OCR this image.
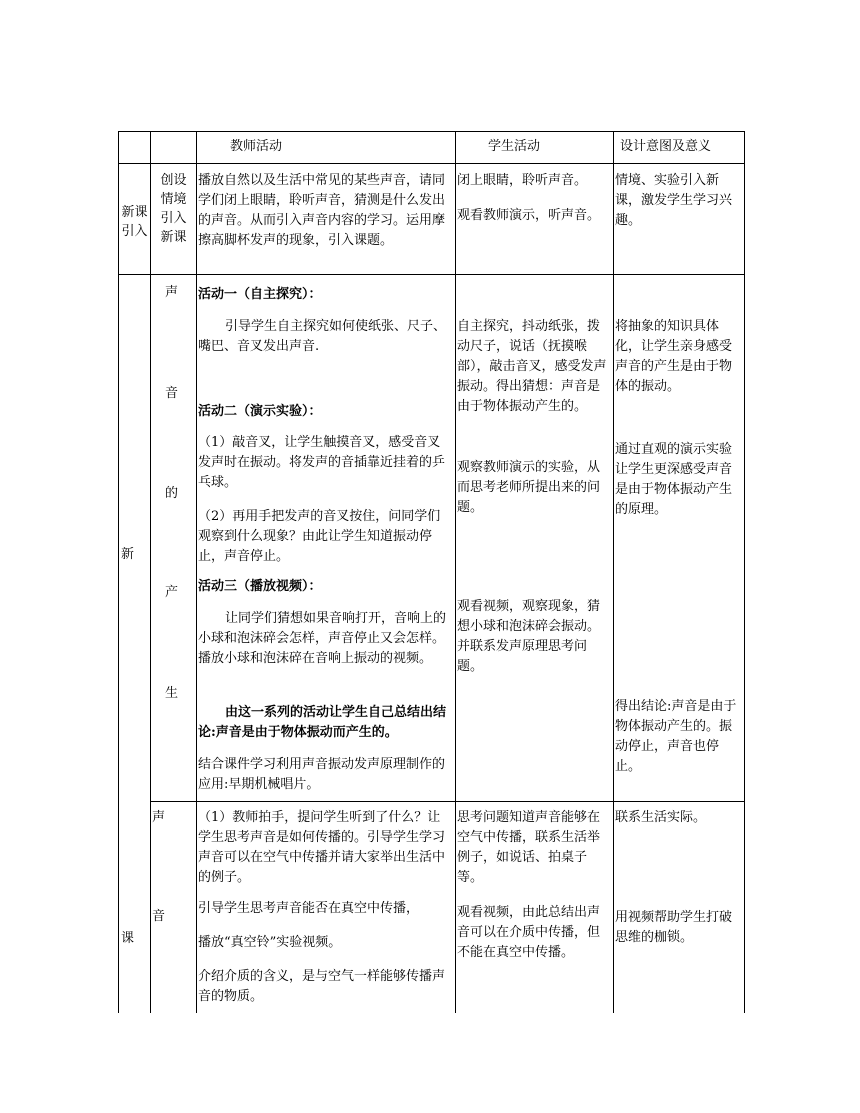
教师活动	学生活动	设计意图及意义
新课
引入
创设
情境
引入
新课
播放自然以及生活中常见的某些声音，请同学们闭上眼睛，聆听声音，猜测是什么发出的声音。从而引入声音内容的学习。运用摩擦高脚杯发声的现象，引入课题。
闭上眼睛，聆听声音。
观看教师演示，听声音。
情境、实验引入新课，激发学生学习兴趣。
新
课
声
音
的
产
生
活动一（自主探究）：
引导学生自主探究如何使纸张、尺子、嘴巴、音叉发出声音.
活动二（演示实验）：
（1）敲音叉，让学生触摸音叉，感受音叉发声时在振动。将发声的音插靠近挂着的乒乓球。
（2）再用手把发声的音叉按住，问同学们观察到什么现象？由此让学生知道振动停止，声音停止。
活动三（播放视频）：
让同学们猜想如果音响打开，音响上的小球和泡沫碎会怎样，声音停止又会怎样。播放小球和泡沫碎在音响上振动的视频。
由这一系列的活动让学生自己总结出结论:声音是由于物体振动而产生的。
结合课件学习利用声音振动发声原理制作的应用:早期机械唱片。
自主探究，抖动纸张，拨动尺子，说话（抚摸喉部），敲击音叉，感受发声振动。得出猜想：声音是由于物体振动产生的。
观察教师演示的实验，从而思考老师所提出来的问题。
观看视频，观察现象，猜想小球和泡沫碎会振动。并联系发声原理思考问题。
将抽象的知识具体化，让学生亲身感受声音的产生是由于物体的振动。
通过直观的演示实验让学生更深感受声音是由于物体振动产生的原理。
得出结论:声音是由于物体振动产生的。振动停止，声音也停止。
声
音
（1）教师拍手，提问学生听到了什么？让学生思考声音是如何传播的。引导学生学习声音可以在空气中传播并请大家举出生活中的例子。
引导学生思考声音能否在真空中传播，
播放“真空铃”实验视频。
介绍介质的含义，是与空气一样能够传播声音的物质。
思考问题知道声音能够在空气中传播，联系生活举例子，如说话、拍桌子等。
观看视频，由此总结出声音可以在介质中传播，但不能在真空中传播。
联系生活实际。
用视频帮助学生打破思维的枷锁。
